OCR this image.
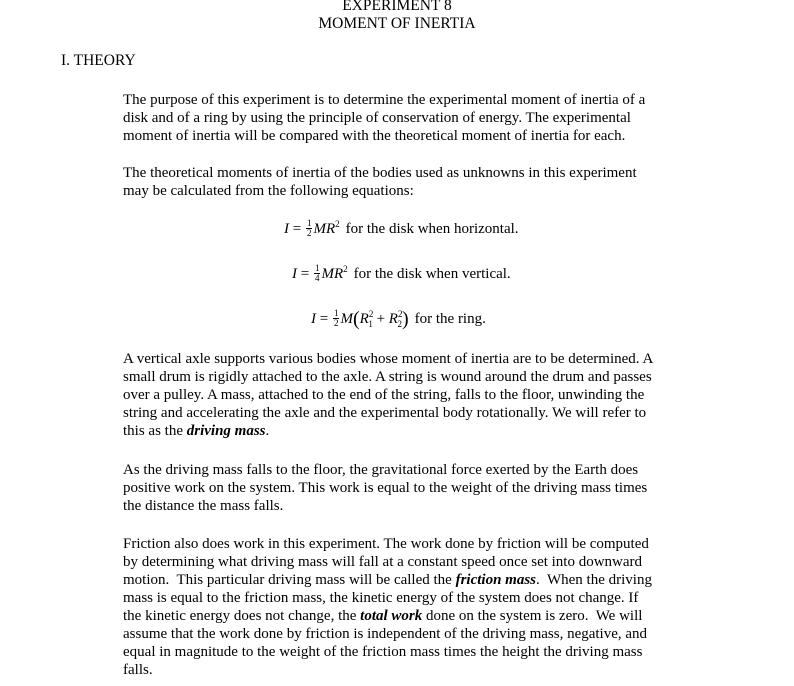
EXPERIMENT 8
MOMENT OF INERTIA
I. THEORY
The purpose of this experiment is to determine the experimental moment of inertia of a
disk and of a ring by using the principle of conservation of energy. The experimental
moment of inertia will be compared with the theoretical moment of inertia for each.
The theoretical moments of inertia of the bodies used as unknowns in this experiment
may be calculated from the following equations:
$I = \frac{1}{2} MR^2$ for the disk when horizontal.
$I = \frac{1}{4} MR^2$ for the disk when vertical.
$I = \frac{1}{2} M(R^2_1 + R^2_2)$ for the ring.
A vertical axle supports various bodies whose moment of inertia are to be determined. A
small drum is rigidly attached to the axle. A string is wound around the drum and passes
over a pulley. A mass, attached to the end of the string, falls to the floor, unwinding the
string and accelerating the axle and the experimental body rotationally. We will refer to
this as the driving mass.
As the driving mass falls to the floor, the gravitational force exerted by the Earth does
positive work on the system. This work is equal to the weight of the driving mass times
the distance the mass falls.
Friction also does work in this experiment. The work done by friction will be computed
by determining what driving mass will fall at a constant speed once set into downward
motion.  This particular driving mass will be called the friction mass.  When the driving
mass is equal to the friction mass, the kinetic energy of the system does not change. If
the kinetic energy does not change, the total work done on the system is zero.  We will
assume that the work done by friction is independent of the driving mass, negative, and
equal in magnitude to the weight of the friction mass times the height the driving mass
falls.
